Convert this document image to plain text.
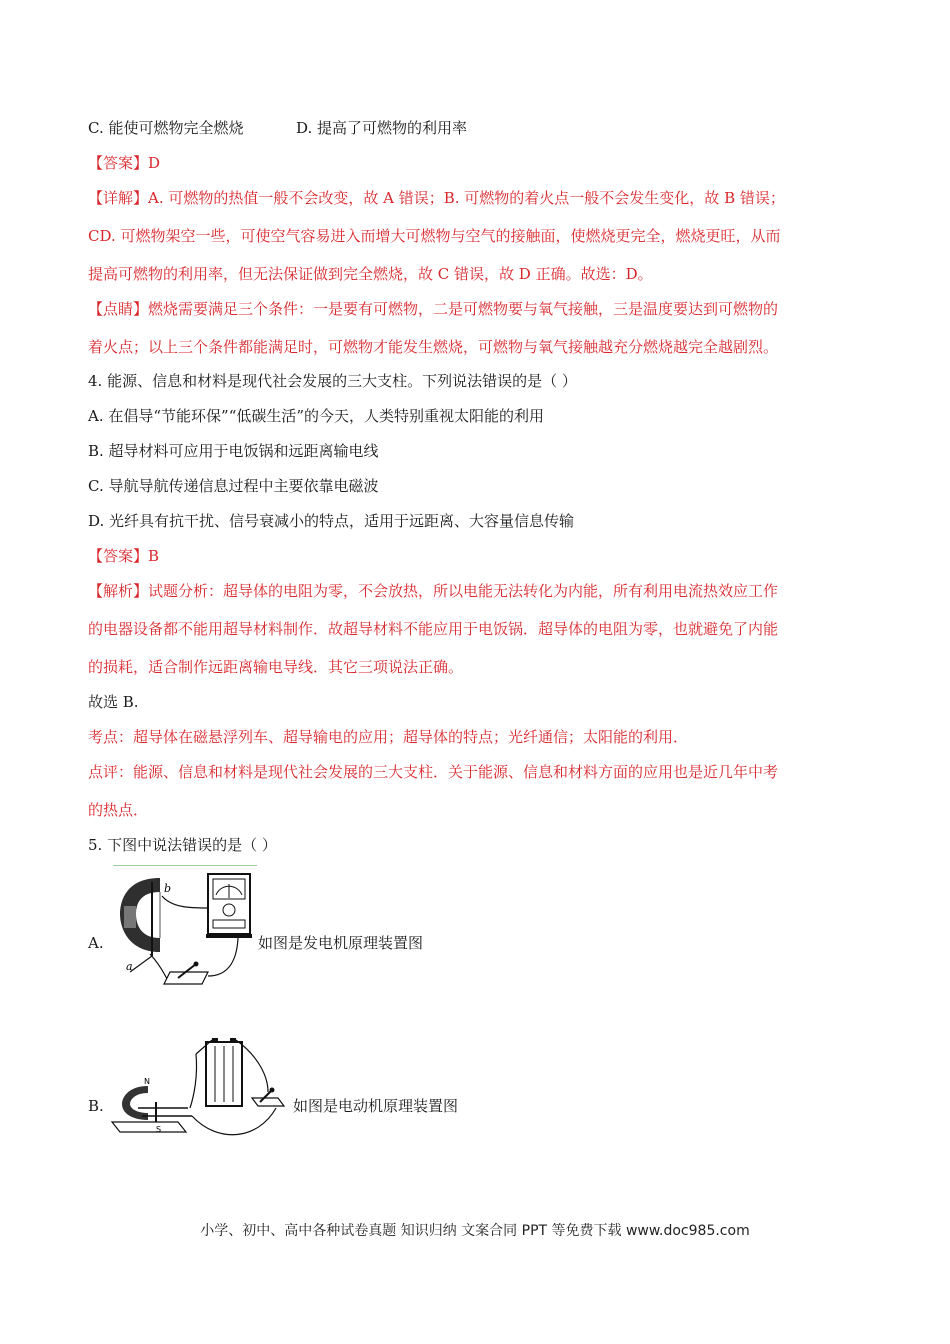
C. 能使可燃物完全燃烧	D. 提高了可燃物的利用率
【答案】D
【详解】A. 可燃物的热值一般不会改变，故 A 错误；B. 可燃物的着火点一般不会发生变化，故 B 错误；
CD. 可燃物架空一些，可使空气容易进入而增大可燃物与空气的接触面，使燃烧更完全，燃烧更旺，从而
提高可燃物的利用率，但无法保证做到完全燃烧，故 C 错误，故 D 正确。故选：D。
【点睛】燃烧需要满足三个条件：一是要有可燃物，二是可燃物要与氧气接触，三是温度要达到可燃物的
着火点；以上三个条件都能满足时，可燃物才能发生燃烧，可燃物与氧气接触越充分燃烧越完全越剧烈。
4. 能源、信息和材料是现代社会发展的三大支柱。下列说法错误的是（ ）
A. 在倡导“节能环保”“低碳生活”的今天，人类特别重视太阳能的利用
B. 超导材料可应用于电饭锅和远距离输电线
C. 导航导航传递信息过程中主要依靠电磁波
D. 光纤具有抗干扰、信号衰减小的特点，适用于远距离、大容量信息传输
【答案】B
【解析】试题分析：超导体的电阻为零，不会放热，所以电能无法转化为内能，所有利用电流热效应工作
的电器设备都不能用超导材料制作．故超导材料不能应用于电饭锅．超导体的电阻为零，也就避免了内能
的损耗，适合制作远距离输电导线．其它三项说法正确。
故选 B.
考点：超导体在磁悬浮列车、超导输电的应用；超导体的特点；光纤通信；太阳能的利用．
点评：能源、信息和材料是现代社会发展的三大支柱．关于能源、信息和材料方面的应用也是近几年中考
的热点．
5. 下图中说法错误的是（ ）
A.
a
b
如图是发电机原理装置图
B.
N
S
如图是电动机原理装置图
小学、初中、高中各种试卷真题 知识归纳 文案合同 PPT 等免费下载 www.doc985.com
